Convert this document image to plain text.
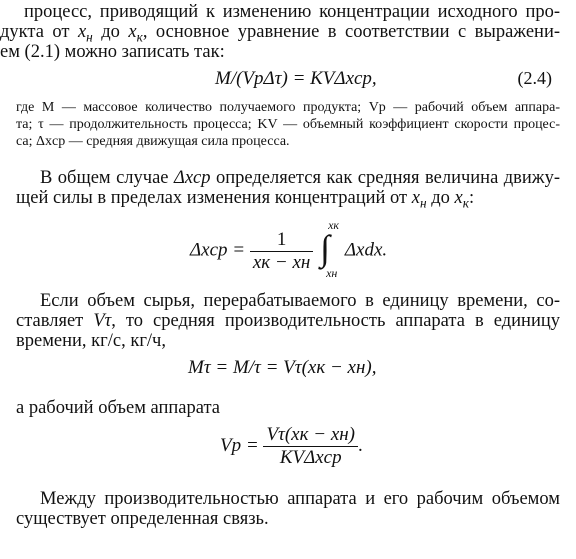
процесс, приводящий к изменению концентрации исходного про-
дукта от $x_н$ до $x_к$, основное уравнение в соответствии с выражени-
ем (2.1) можно записать так:
M/(VрΔτ) = KVΔxср,	(2.4)
где M — массовое количество получаемого продукта; Vр — рабочий объем аппара-
та; τ — продолжительность процесса; KV — объемный коэффициент скорости процес-
са; Δxср — средняя движущая сила процесса.
В общем случае Δxср определяется как средняя величина движу-
щей силы в пределах изменения концентраций от $x_н$ до $x_к$:
$\Delta xср = \frac{1}{xк - xн}$
∫
xк
xн
Δxdx.
Если объем сырья, перерабатываемого в единицу времени, со-
ставляет Vτ, то средняя производительность аппарата в единицу
времени, кг/с, кг/ч,
Mτ = M/τ = Vτ(xк − xн),
а рабочий объем аппарата
Vр = $\frac{V\tau(xк - xн)}{\text{KVΔxср}}$ .
Между производительностью аппарата и его рабочим объемом
существует определенная связь.
